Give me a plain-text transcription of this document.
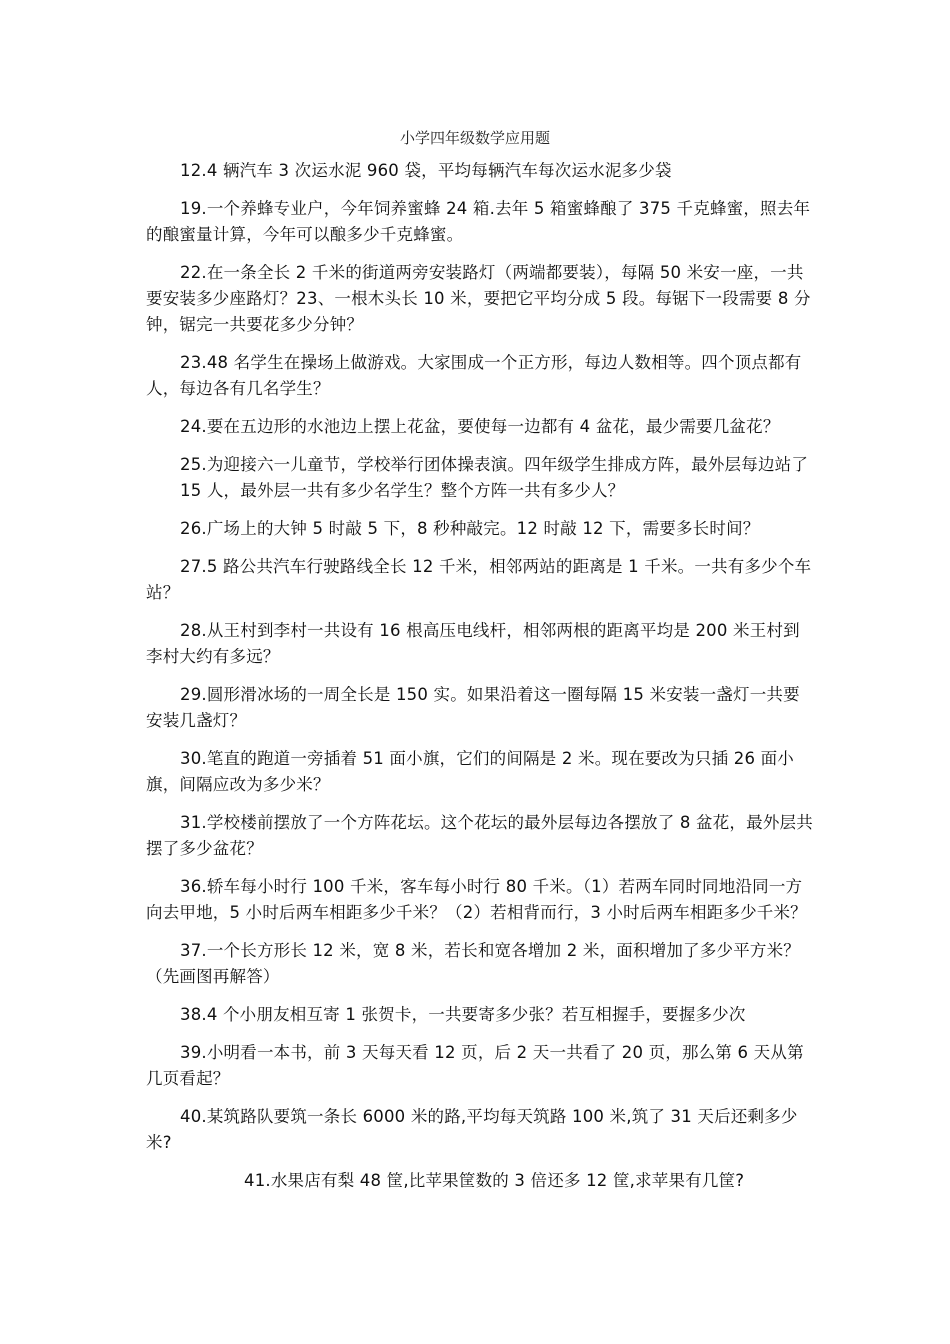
小学四年级数学应用题

12.4 辆汽车 3 次运水泥 960 袋，平均每辆汽车每次运水泥多少袋

19.一个养蜂专业户，今年饲养蜜蜂 24 箱.去年 5 箱蜜蜂酿了 375 千克蜂蜜，照去年的酿蜜量计算，今年可以酿多少千克蜂蜜。

22.在一条全长 2 千米的街道两旁安装路灯（两端都要装），每隔 50 米安一座，一共要安装多少座路灯？23、一根木头长 10 米，要把它平均分成 5 段。每锯下一段需要 8 分钟，锯完一共要花多少分钟？

23.48 名学生在操场上做游戏。大家围成一个正方形，每边人数相等。四个顶点都有人，每边各有几名学生？

24.要在五边形的水池边上摆上花盆，要使每一边都有 4 盆花，最少需要几盆花？

25.为迎接六一儿童节，学校举行团体操表演。四年级学生排成方阵，最外层每边站了 15 人，最外层一共有多少名学生？整个方阵一共有多少人？

26.广场上的大钟 5 时敲 5 下，8 秒种敲完。12 时敲 12 下，需要多长时间？

27.5 路公共汽车行驶路线全长 12 千米，相邻两站的距离是 1 千米。一共有多少个车站？

28.从王村到李村一共设有 16 根高压电线杆，相邻两根的距离平均是 200 米王村到李村大约有多远？

29.圆形滑冰场的一周全长是 150 实。如果沿着这一圈每隔 15 米安装一盏灯一共要安装几盏灯？

30.笔直的跑道一旁插着 51 面小旗，它们的间隔是 2 米。现在要改为只插 26 面小旗，间隔应改为多少米？

31.学校楼前摆放了一个方阵花坛。这个花坛的最外层每边各摆放了 8 盆花，最外层共摆了多少盆花？

36.轿车每小时行 100 千米，客车每小时行 80 千米。（1）若两车同时同地沿同一方向去甲地，5 小时后两车相距多少千米？（2）若相背而行，3 小时后两车相距多少千米？

37.一个长方形长 12 米，宽 8 米，若长和宽各增加 2 米，面积增加了多少平方米？（先画图再解答）

38.4 个小朋友相互寄 1 张贺卡，一共要寄多少张？若互相握手，要握多少次

39.小明看一本书，前 3 天每天看 12 页，后 2 天一共看了 20 页，那么第 6 天从第几页看起？

40.某筑路队要筑一条长 6000 米的路,平均每天筑路 100 米,筑了 31 天后还剩多少米?

41.水果店有梨 48 筐,比苹果筐数的 3 倍还多 12 筐,求苹果有几筐?
